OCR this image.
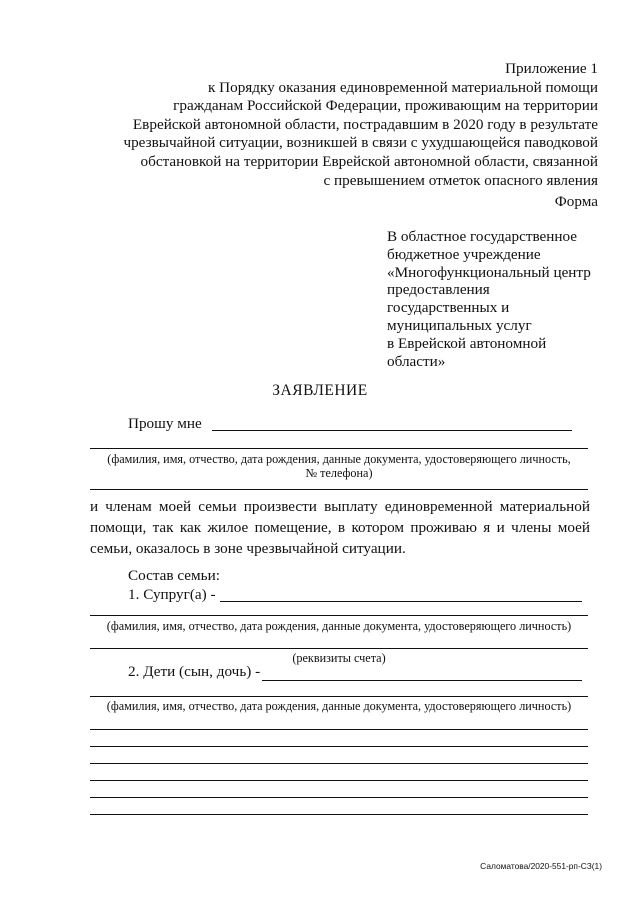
Приложение 1
к Порядку оказания единовременной материальной помощи
гражданам Российской Федерации, проживающим на территории
Еврейской автономной области, пострадавшим в 2020 году в результате
чрезвычайной ситуации, возникшей в связи с ухудшающейся паводковой
обстановкой на территории Еврейской автономной области, связанной
с превышением отметок опасного явления
Форма
В областное государственное
бюджетное учреждение
«Многофункциональный центр
предоставления
государственных и
муниципальных услуг
в Еврейской автономной
области»
ЗАЯВЛЕНИЕ
Прошу мне
(фамилия, имя, отчество, дата рождения, данные документа, удостоверяющего личность,
№ телефона)
и членам моей семьи произвести выплату единовременной материальной
помощи, так как жилое помещение, в котором проживаю я и члены моей
семьи, оказалось в зоне чрезвычайной ситуации.
Состав семьи:
1. Супруг(а) -
(фамилия, имя, отчество, дата рождения, данные документа, удостоверяющего личность)
(реквизиты счета)
2. Дети (сын, дочь) -
(фамилия, имя, отчество, дата рождения, данные документа, удостоверяющего личность)
Саломатова/2020-551-рп-СЗ(1)
